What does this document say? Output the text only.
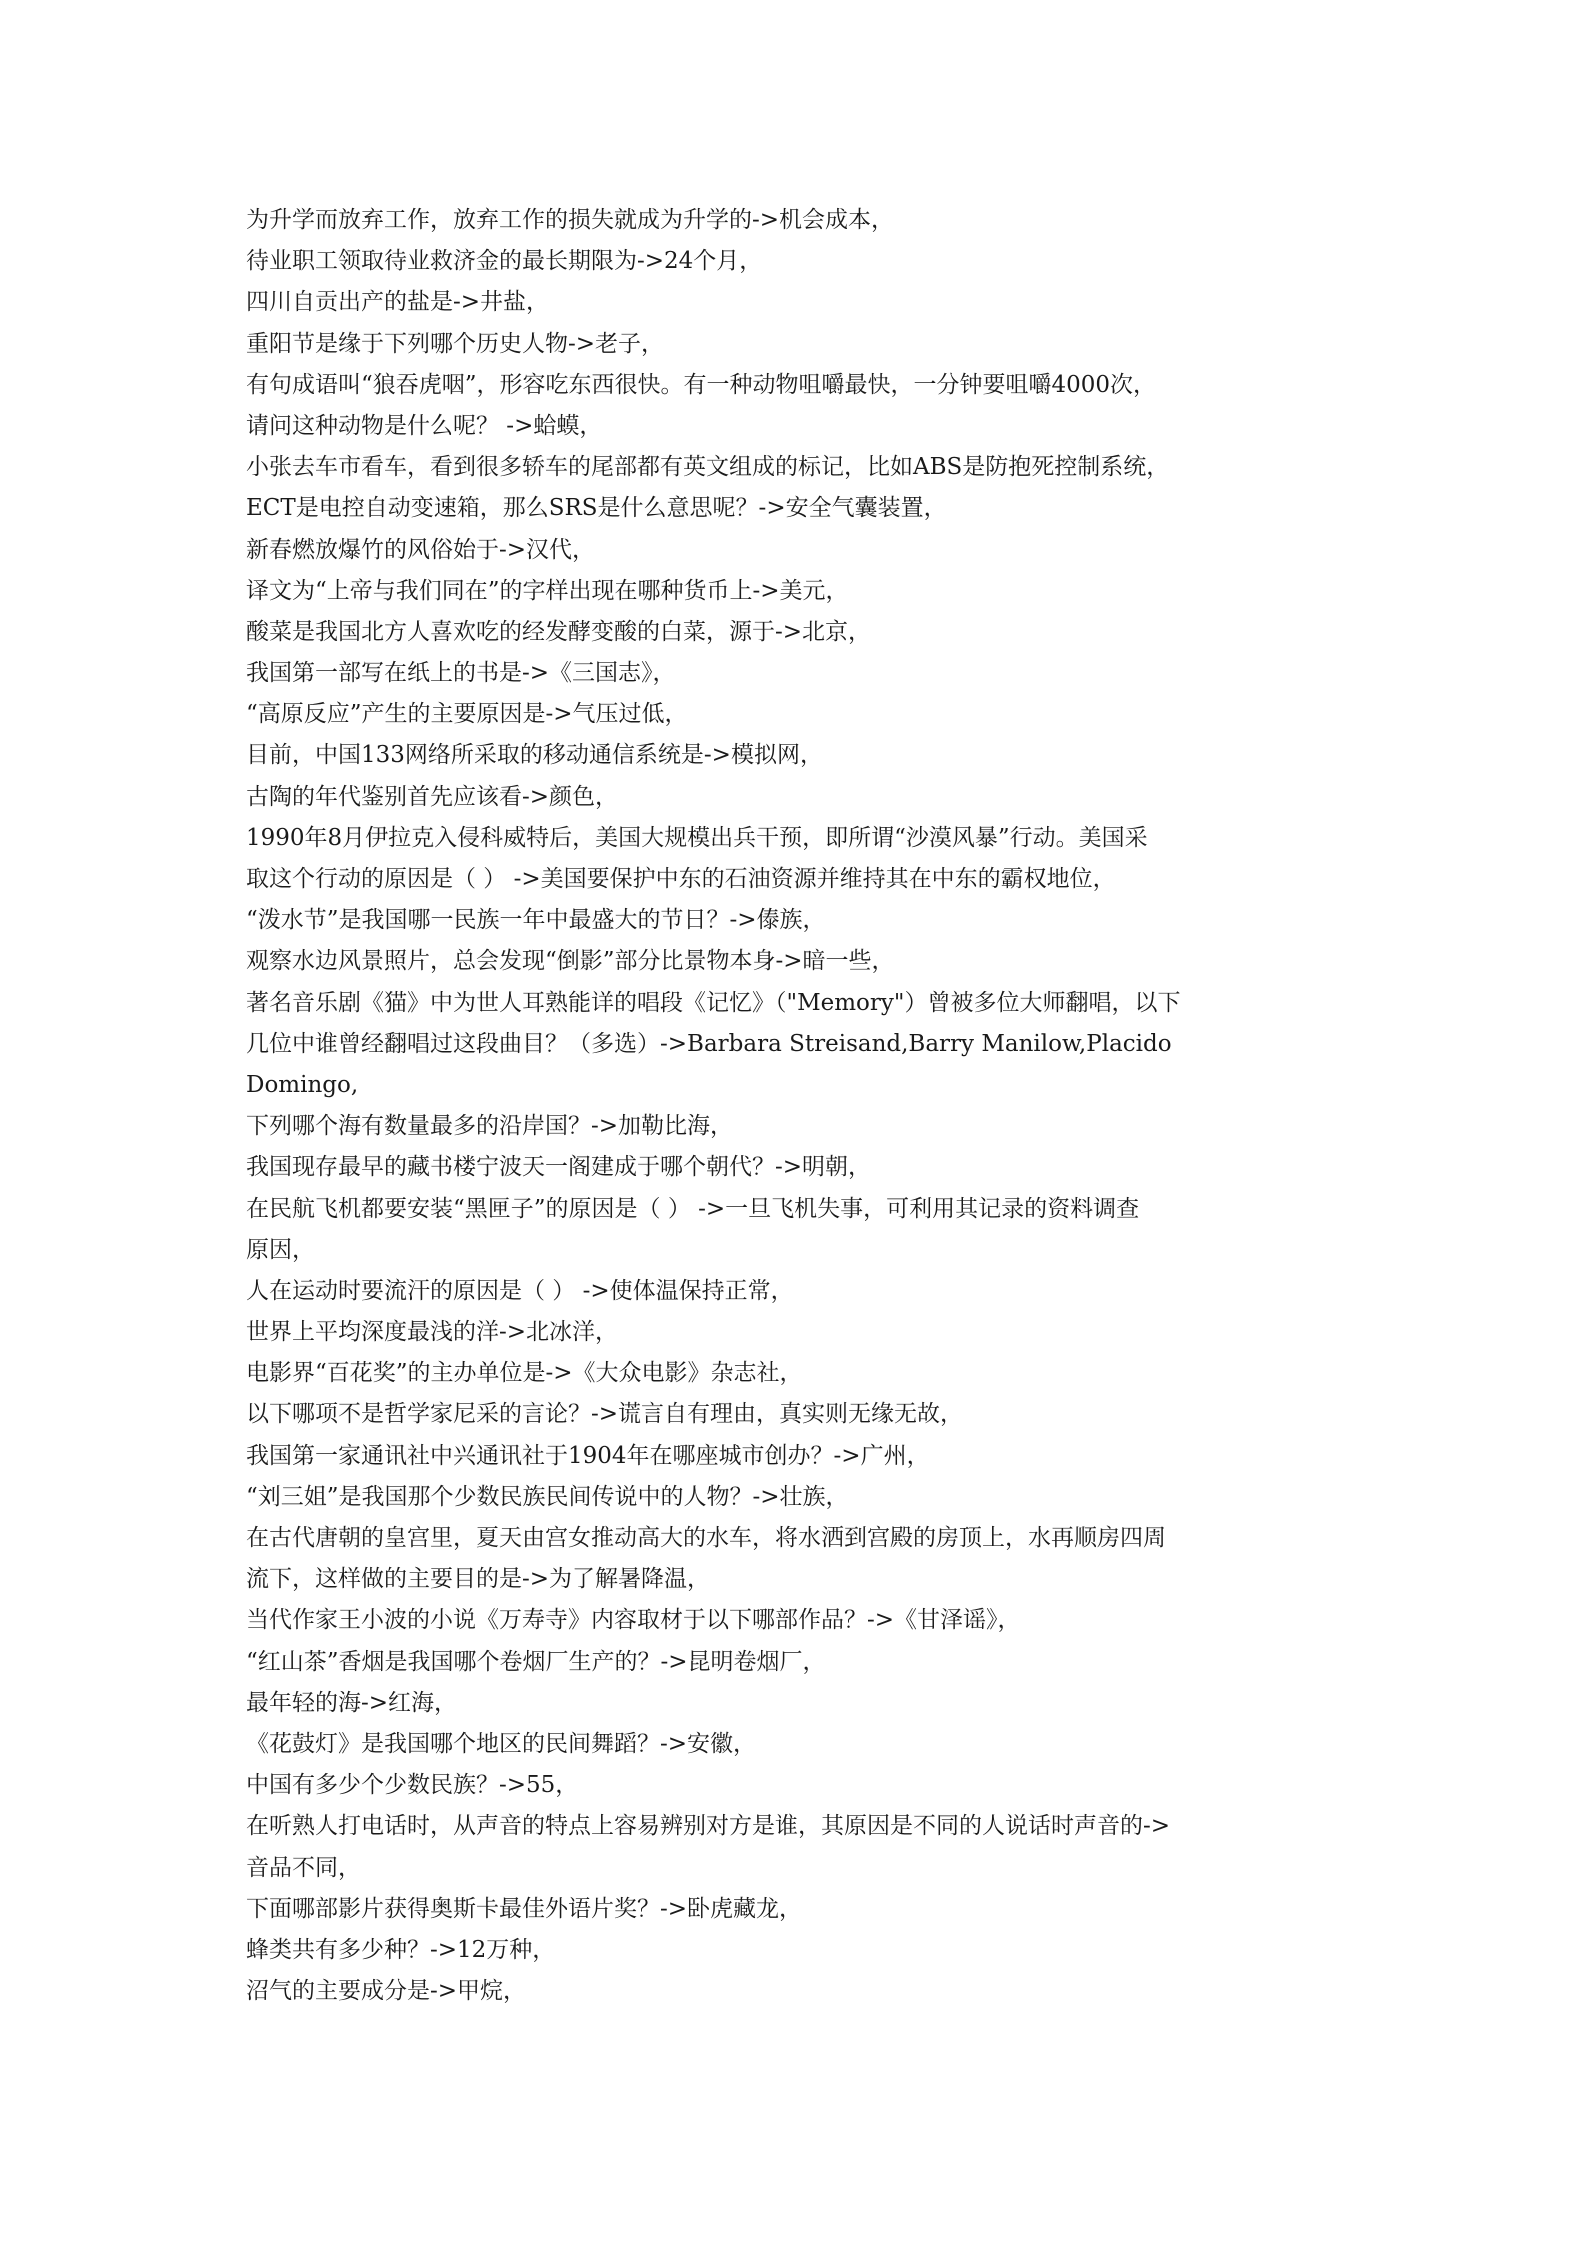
为升学而放弃工作，放弃工作的损失就成为升学的->机会成本，
待业职工领取待业救济金的最长期限为->24个月，
四川自贡出产的盐是->井盐，
重阳节是缘于下列哪个历史人物->老子，
有句成语叫“狼吞虎咽”，形容吃东西很快。有一种动物咀嚼最快，一分钟要咀嚼4000次，
请问这种动物是什么呢？ ->蛤蟆，
小张去车市看车，看到很多轿车的尾部都有英文组成的标记，比如ABS是防抱死控制系统，
ECT是电控自动变速箱，那么SRS是什么意思呢？->安全气囊装置，
新春燃放爆竹的风俗始于->汉代，
译文为“上帝与我们同在”的字样出现在哪种货币上->美元，
酸菜是我国北方人喜欢吃的经发酵变酸的白菜，源于->北京，
我国第一部写在纸上的书是->《三国志》，
“高原反应”产生的主要原因是->气压过低，
目前，中国133网络所采取的移动通信系统是->模拟网，
古陶的年代鉴别首先应该看->颜色，
1990年8月伊拉克入侵科威特后，美国大规模出兵干预，即所谓“沙漠风暴”行动。美国采
取这个行动的原因是（ ） ->美国要保护中东的石油资源并维持其在中东的霸权地位，
“泼水节”是我国哪一民族一年中最盛大的节日？->傣族，
观察水边风景照片，总会发现“倒影”部分比景物本身->暗一些，
著名音乐剧《猫》中为世人耳熟能详的唱段《记忆》（"Memory"）曾被多位大师翻唱，以下
几位中谁曾经翻唱过这段曲目？（多选）->Barbara Streisand,Barry Manilow,Placido
Domingo,
下列哪个海有数量最多的沿岸国？->加勒比海，
我国现存最早的藏书楼宁波天一阁建成于哪个朝代？->明朝，
在民航飞机都要安装“黑匣子”的原因是（ ） ->一旦飞机失事，可利用其记录的资料调查
原因，
人在运动时要流汗的原因是（ ） ->使体温保持正常，
世界上平均深度最浅的洋->北冰洋，
电影界“百花奖”的主办单位是->《大众电影》杂志社，
以下哪项不是哲学家尼采的言论？->谎言自有理由，真实则无缘无故，
我国第一家通讯社中兴通讯社于1904年在哪座城市创办？->广州，
“刘三姐”是我国那个少数民族民间传说中的人物？->壮族，
在古代唐朝的皇宫里，夏天由宫女推动高大的水车，将水洒到宫殿的房顶上，水再顺房四周
流下，这样做的主要目的是->为了解暑降温，
当代作家王小波的小说《万寿寺》内容取材于以下哪部作品？->《甘泽谣》，
“红山茶”香烟是我国哪个卷烟厂生产的？->昆明卷烟厂，
最年轻的海->红海，
《花鼓灯》是我国哪个地区的民间舞蹈？->安徽，
中国有多少个少数民族？->55，
在听熟人打电话时，从声音的特点上容易辨别对方是谁，其原因是不同的人说话时声音的->
音品不同，
下面哪部影片获得奥斯卡最佳外语片奖？->卧虎藏龙，
蜂类共有多少种？->12万种，
沼气的主要成分是->甲烷，
